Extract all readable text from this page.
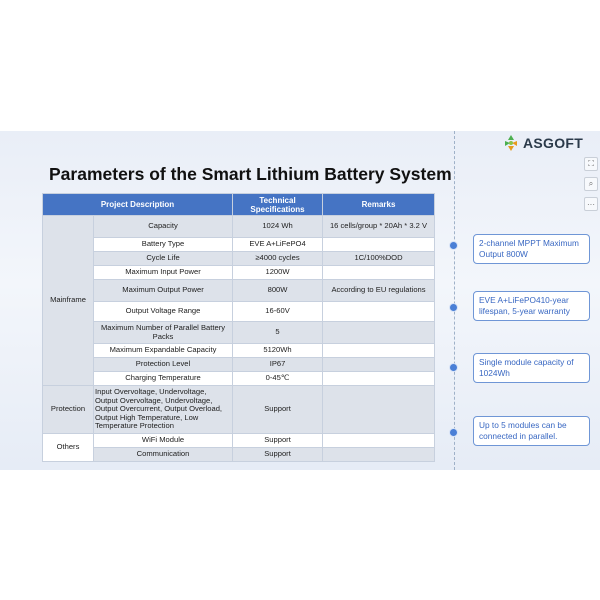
ASGOFT
⛶
⌕
···
Parameters of the Smart Lithium Battery System
Project Description		Technical Specifications	Remarks
Mainframe	Capacity	1024 Wh	16 cells/group * 20Ah * 3.2 V
	Battery Type	EVE A+LiFePO4	
	Cycle Life	≥4000 cycles	1C/100%DOD
	Maximum Input Power	1200W	
	Maximum Output Power	800W	According to EU regulations
	Output Voltage Range	16-60V	
	Maximum Number of Parallel Battery Packs	5	
	Maximum Expandable Capacity	5120Wh	
	Protection Level	IP67	
	Charging Temperature	0-45℃	
Protection	Input Overvoltage, Undervoltage, Output Overvoltage, Undervoltage, Output Overcurrent, Output Overload, Output High Temperature, Low Temperature Protection	Support	
Others	WiFi Module	Support	
	Communication	Support	
2-channel MPPT Maximum Output 800W
EVE A+LiFePO410-year lifespan, 5-year warranty
Single module capacity of 1024Wh
Up to 5 modules can be connected in parallel.
